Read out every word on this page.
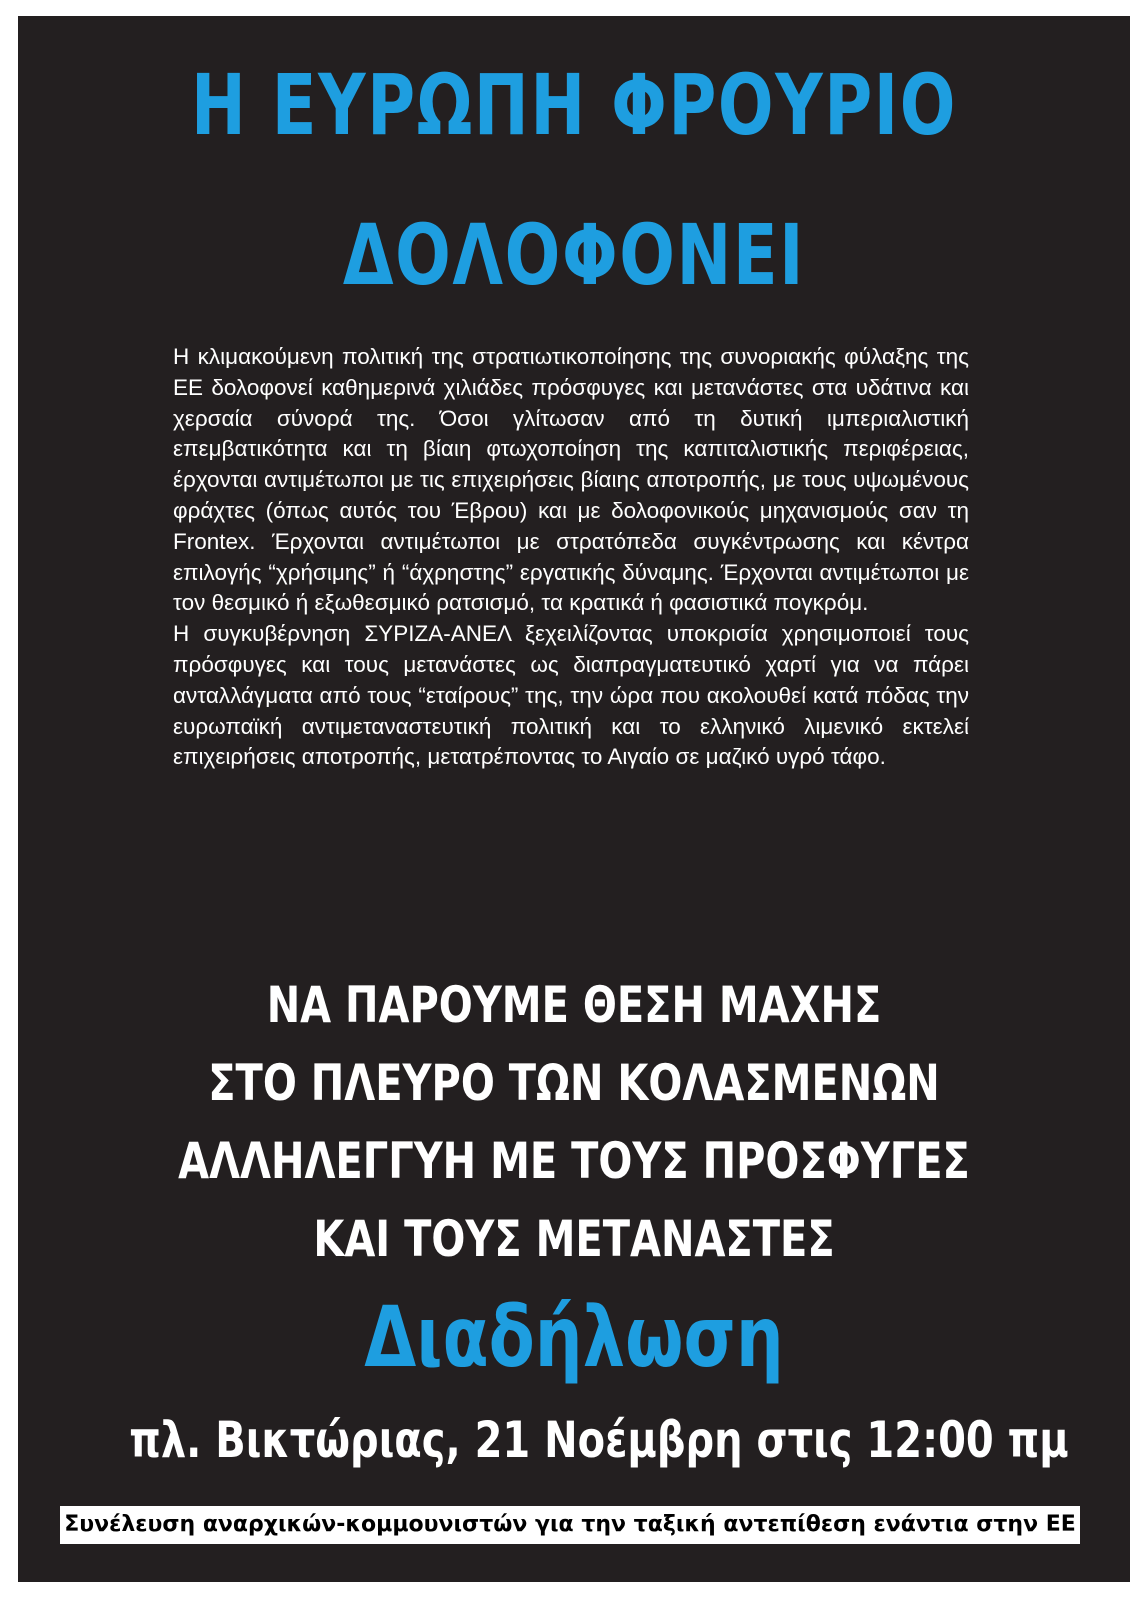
Η ΕΥΡΩΠΗ ΦΡΟΥΡΙΟ
ΔΟΛΟΦΟΝΕΙ

Η κλιμακούμενη πολιτική της στρατιωτικοποίησης της συνοριακής φύλαξης της ΕΕ δολοφονεί καθημερινά χιλιάδες πρόσφυγες και μετανάστες στα υδάτινα και χερσαία σύνορά της. Όσοι γλίτωσαν από τη δυτική ιμπεριαλιστική επεμβατικότητα και τη βίαιη φτωχοποίηση της καπιταλιστικής περιφέρειας, έρχονται αντιμέτωποι με τις επιχειρήσεις βίαιης αποτροπής, με τους υψωμένους φράχτες (όπως αυτός του Έβρου) και με δολοφονικούς μηχανισμούς σαν τη Frontex. Έρχονται αντιμέτωποι με στρατόπεδα συγκέντρωσης και κέντρα επιλογής “χρήσιμης” ή “άχρηστης” εργατικής δύναμης. Έρχονται αντιμέτωποι με τον θεσμικό ή εξωθεσμικό ρατσισμό, τα κρατικά ή φασιστικά πογκρόμ.

Η συγκυβέρνηση ΣΥΡΙΖΑ-ΑΝΕΛ ξεχειλίζοντας υποκρισία χρησιμοποιεί τους πρόσφυγες και τους μετανάστες ως διαπραγματευτικό χαρτί για να πάρει ανταλλάγματα από τους “εταίρους” της, την ώρα που ακολουθεί κατά πόδας την ευρωπαϊκή αντιμεταναστευτική πολιτική και το ελληνικό λιμενικό εκτελεί επιχειρήσεις αποτροπής, μετατρέποντας το Αιγαίο σε μαζικό υγρό τάφο.

ΝΑ ΠΑΡΟΥΜΕ ΘΕΣΗ ΜΑΧΗΣ
ΣΤΟ ΠΛΕΥΡΟ ΤΩΝ ΚΟΛΑΣΜΕΝΩΝ
ΑΛΛΗΛΕΓΓΥΗ ΜΕ ΤΟΥΣ ΠΡΟΣΦΥΓΕΣ
ΚΑΙ ΤΟΥΣ ΜΕΤΑΝΑΣΤΕΣ
Διαδήλωση
πλ. Βικτώριας, 21 Νοέμβρη στις 12:00 πμ
Συνέλευση αναρχικών-κομμουνιστών για την ταξική αντεπίθεση ενάντια στην ΕΕ
